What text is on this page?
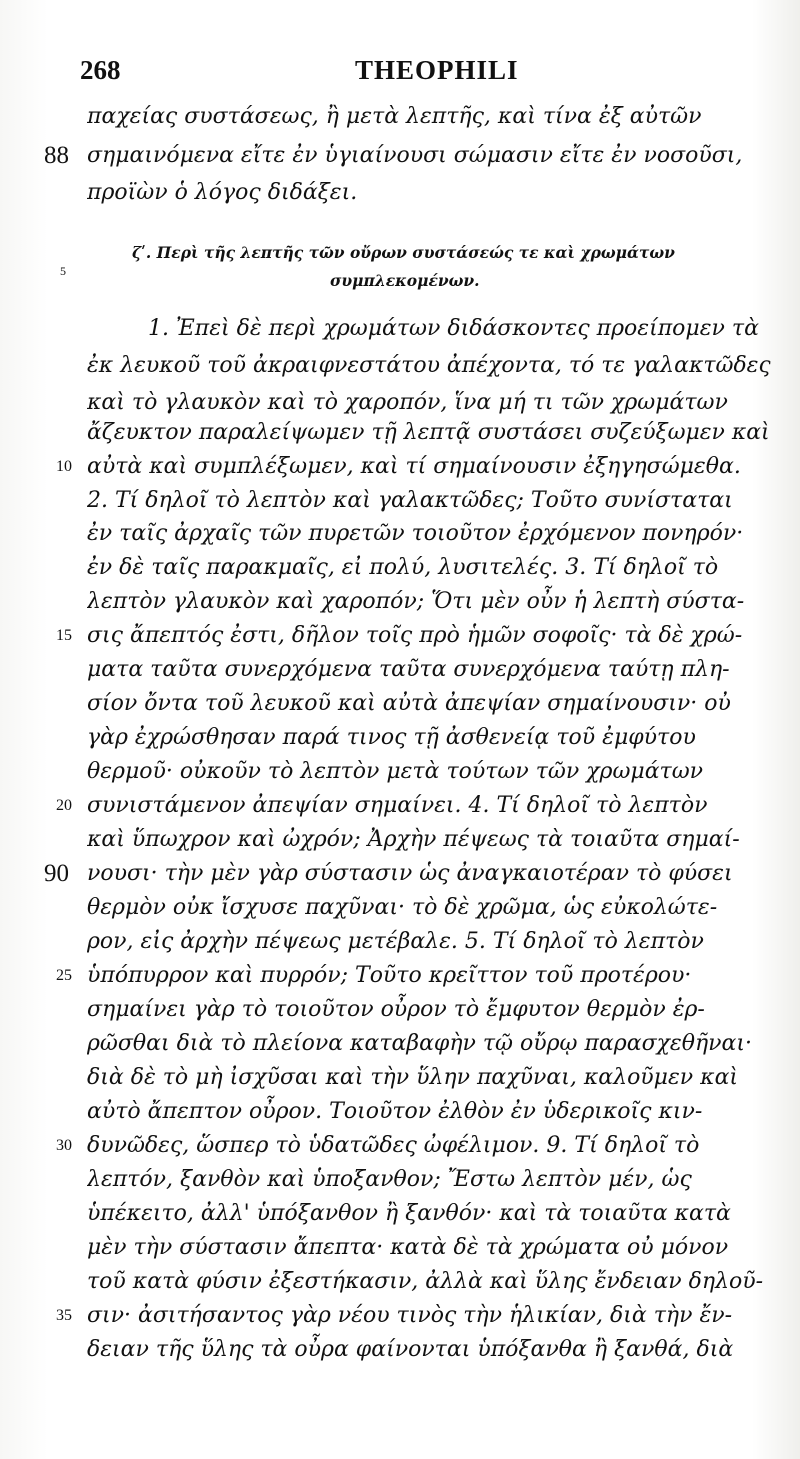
268	THEOPHILI
παχείας συστάσεως, ἢ μετὰ λεπτῆς, καὶ τίνα ἐξ αὐτῶν
88 σημαινόμενα εἴτε ἐν ὑγιαίνουσι σώμασιν εἴτε ἐν νοσοῦσι,
προϊὼν ὁ λόγος διδάξει.
ζʹ. Περὶ τῆς λεπτῆς τῶν οὔρων συστάσεώς τε καὶ χρωμάτων
5	συμπλεκομένων.
1. Ἐπεὶ δὲ περὶ χρωμάτων διδάσκοντες προείπομεν τὰ
ἐκ λευκοῦ τοῦ ἀκραιφνεστάτου ἀπέχοντα, τό τε γαλακτῶδες
καὶ τὸ γλαυκὸν καὶ τὸ χαροπόν, ἵνα μή τι τῶν χρωμάτων
ἄζευκτον παραλείψωμεν τῇ λεπτᾷ συστάσει συζεύξωμεν καὶ
10 αὐτὰ καὶ συμπλέξωμεν, καὶ τί σημαίνουσιν ἐξηγησώμεθα.
2. Τί δηλοῖ τὸ λεπτὸν καὶ γαλακτῶδες; Τοῦτο συνίσταται
ἐν ταῖς ἀρχαῖς τῶν πυρετῶν τοιοῦτον ἐρχόμενον πονηρόν·
ἐν δὲ ταῖς παρακμαῖς, εἰ πολύ, λυσιτελές. 3. Τί δηλοῖ τὸ
λεπτὸν γλαυκὸν καὶ χαροπόν; Ὅτι μὲν οὖν ἡ λεπτὴ σύστα-
15 σις ἄπεπτός ἐστι, δῆλον τοῖς πρὸ ἡμῶν σοφοῖς· τὰ δὲ χρώ-
ματα ταῦτα συνερχόμενα ταῦτα συνερχόμενα ταύτῃ πλη-
σίον ὄντα τοῦ λευκοῦ καὶ αὐτὰ ἀπεψίαν σημαίνουσιν· οὐ
γὰρ ἐχρώσθησαν παρά τινος τῇ ἀσθενείᾳ τοῦ ἐμφύτου
θερμοῦ· οὐκοῦν τὸ λεπτὸν μετὰ τούτων τῶν χρωμάτων
20 συνιστάμενον ἀπεψίαν σημαίνει. 4. Τί δηλοῖ τὸ λεπτὸν
καὶ ὕπωχρον καὶ ὠχρόν; Ἀρχὴν πέψεως τὰ τοιαῦτα σημαί-
90 νουσι· τὴν μὲν γὰρ σύστασιν ὡς ἀναγκαιοτέραν τὸ φύσει
θερμὸν οὐκ ἴσχυσε παχῦναι· τὸ δὲ χρῶμα, ὡς εὐκολώτε-
ρον, εἰς ἀρχὴν πέψεως μετέβαλε. 5. Τί δηλοῖ τὸ λεπτὸν
25 ὑπόπυρρον καὶ πυρρόν; Τοῦτο κρεῖττον τοῦ προτέρου·
σημαίνει γὰρ τὸ τοιοῦτον οὖρον τὸ ἔμφυτον θερμὸν ἐρ-
ρῶσθαι διὰ τὸ πλείονα καταβαφὴν τῷ οὔρῳ παρασχεθῆναι·
διὰ δὲ τὸ μὴ ἰσχῦσαι καὶ τὴν ὕλην παχῦναι, καλοῦμεν καὶ
αὐτὸ ἄπεπτον οὖρον. Τοιοῦτον ἐλθὸν ἐν ὑδερικοῖς κιν-
30 δυνῶδες, ὥσπερ τὸ ὑδατῶδες ὠφέλιμον. 9. Τί δηλοῖ τὸ
λεπτόν, ξανθὸν καὶ ὑποξανθον; Ἔστω λεπτὸν μέν, ὡς
ὑπέκειτο, ἀλλ' ὑπόξανθον ἢ ξανθόν· καὶ τὰ τοιαῦτα κατὰ
μὲν τὴν σύστασιν ἄπεπτα· κατὰ δὲ τὰ χρώματα οὐ μόνον
τοῦ κατὰ φύσιν ἐξεστήκασιν, ἀλλὰ καὶ ὕλης ἔνδειαν δηλοῦ-
35 σιν· ἀσιτήσαντος γὰρ νέου τινὸς τὴν ἡλικίαν, διὰ τὴν ἔν-
δειαν τῆς ὕλης τὰ οὖρα φαίνονται ὑπόξανθα ἢ ξανθά, διὰ
